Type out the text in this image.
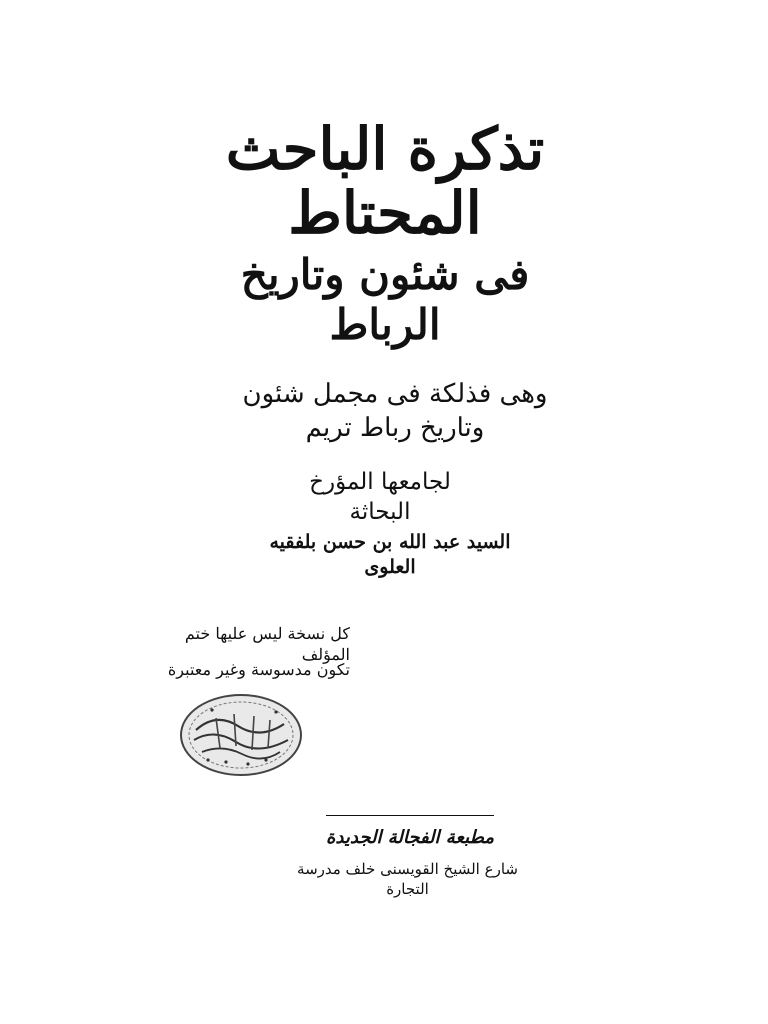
تذكرة الباحث المحتاط
فى شئون وتاريخ الرباط
وهى فذلكة فى مجمل شئون وتاريخ رباط تريم
لجامعها المؤرخ البحاثة
السيد عبد الله بن حسن بلفقيه العلوى
كل نسخة ليس عليها ختم المؤلف
تكون مدسوسة وغير معتبرة
مطبعة الفجالة الجديدة
شارع الشيخ القويسنى خلف مدرسة التجارة
